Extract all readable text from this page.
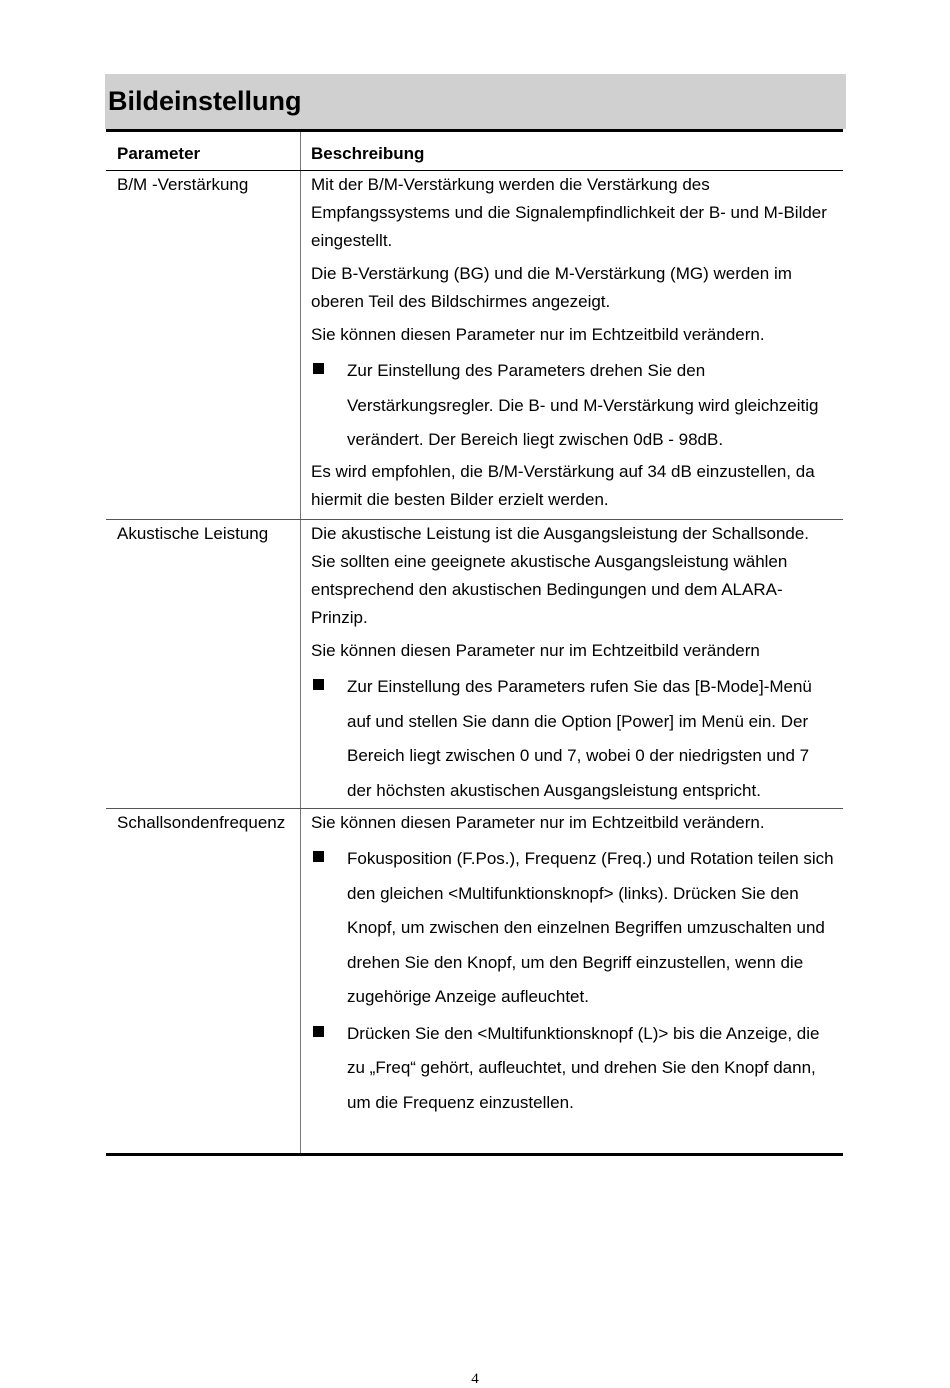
Bildeinstellung
Parameter	Beschreibung
B/M -Verstärkung	Mit der B/M-Verstärkung werden die Verstärkung des Empfangssystems und die Signalempfindlichkeit der B- und M-Bilder eingestellt.

Die B-Verstärkung (BG) und die M-Verstärkung (MG) werden im oberen Teil des Bildschirmes angezeigt.

Sie können diesen Parameter nur im Echtzeitbild verändern.

Zur Einstellung des Parameters drehen Sie den Verstärkungsregler. Die B- und M-Verstärkung wird gleichzeitig verändert. Der Bereich liegt zwischen 0dB - 98dB.

Es wird empfohlen, die B/M-Verstärkung auf 34 dB einzustellen, da hiermit die besten Bilder erzielt werden.

Akustische Leistung	Die akustische Leistung ist die Ausgangsleistung der Schallsonde. Sie sollten eine geeignete akustische Ausgangsleistung wählen entsprechend den akustischen Bedingungen und dem ALARA-Prinzip.

Sie können diesen Parameter nur im Echtzeitbild verändern

Zur Einstellung des Parameters rufen Sie das [B-Mode]-Menü auf und stellen Sie dann die Option [Power] im Menü ein. Der Bereich liegt zwischen 0 und 7, wobei 0 der niedrigsten und 7 der höchsten akustischen Ausgangsleistung entspricht.
Schallsondenfrequenz	Sie können diesen Parameter nur im Echtzeitbild verändern.

Fokusposition (F.Pos.), Frequenz (Freq.) und Rotation teilen sich den gleichen <Multifunktionsknopf> (links). Drücken Sie den Knopf, um zwischen den einzelnen Begriffen umzuschalten und drehen Sie den Knopf, um den Begriff einzustellen, wenn die zugehörige Anzeige aufleuchtet.
Drücken Sie den <Multifunktionsknopf (L)> bis die Anzeige, die zu „Freq“ gehört, aufleuchtet, und drehen Sie den Knopf dann, um die Frequenz einzustellen.
4
